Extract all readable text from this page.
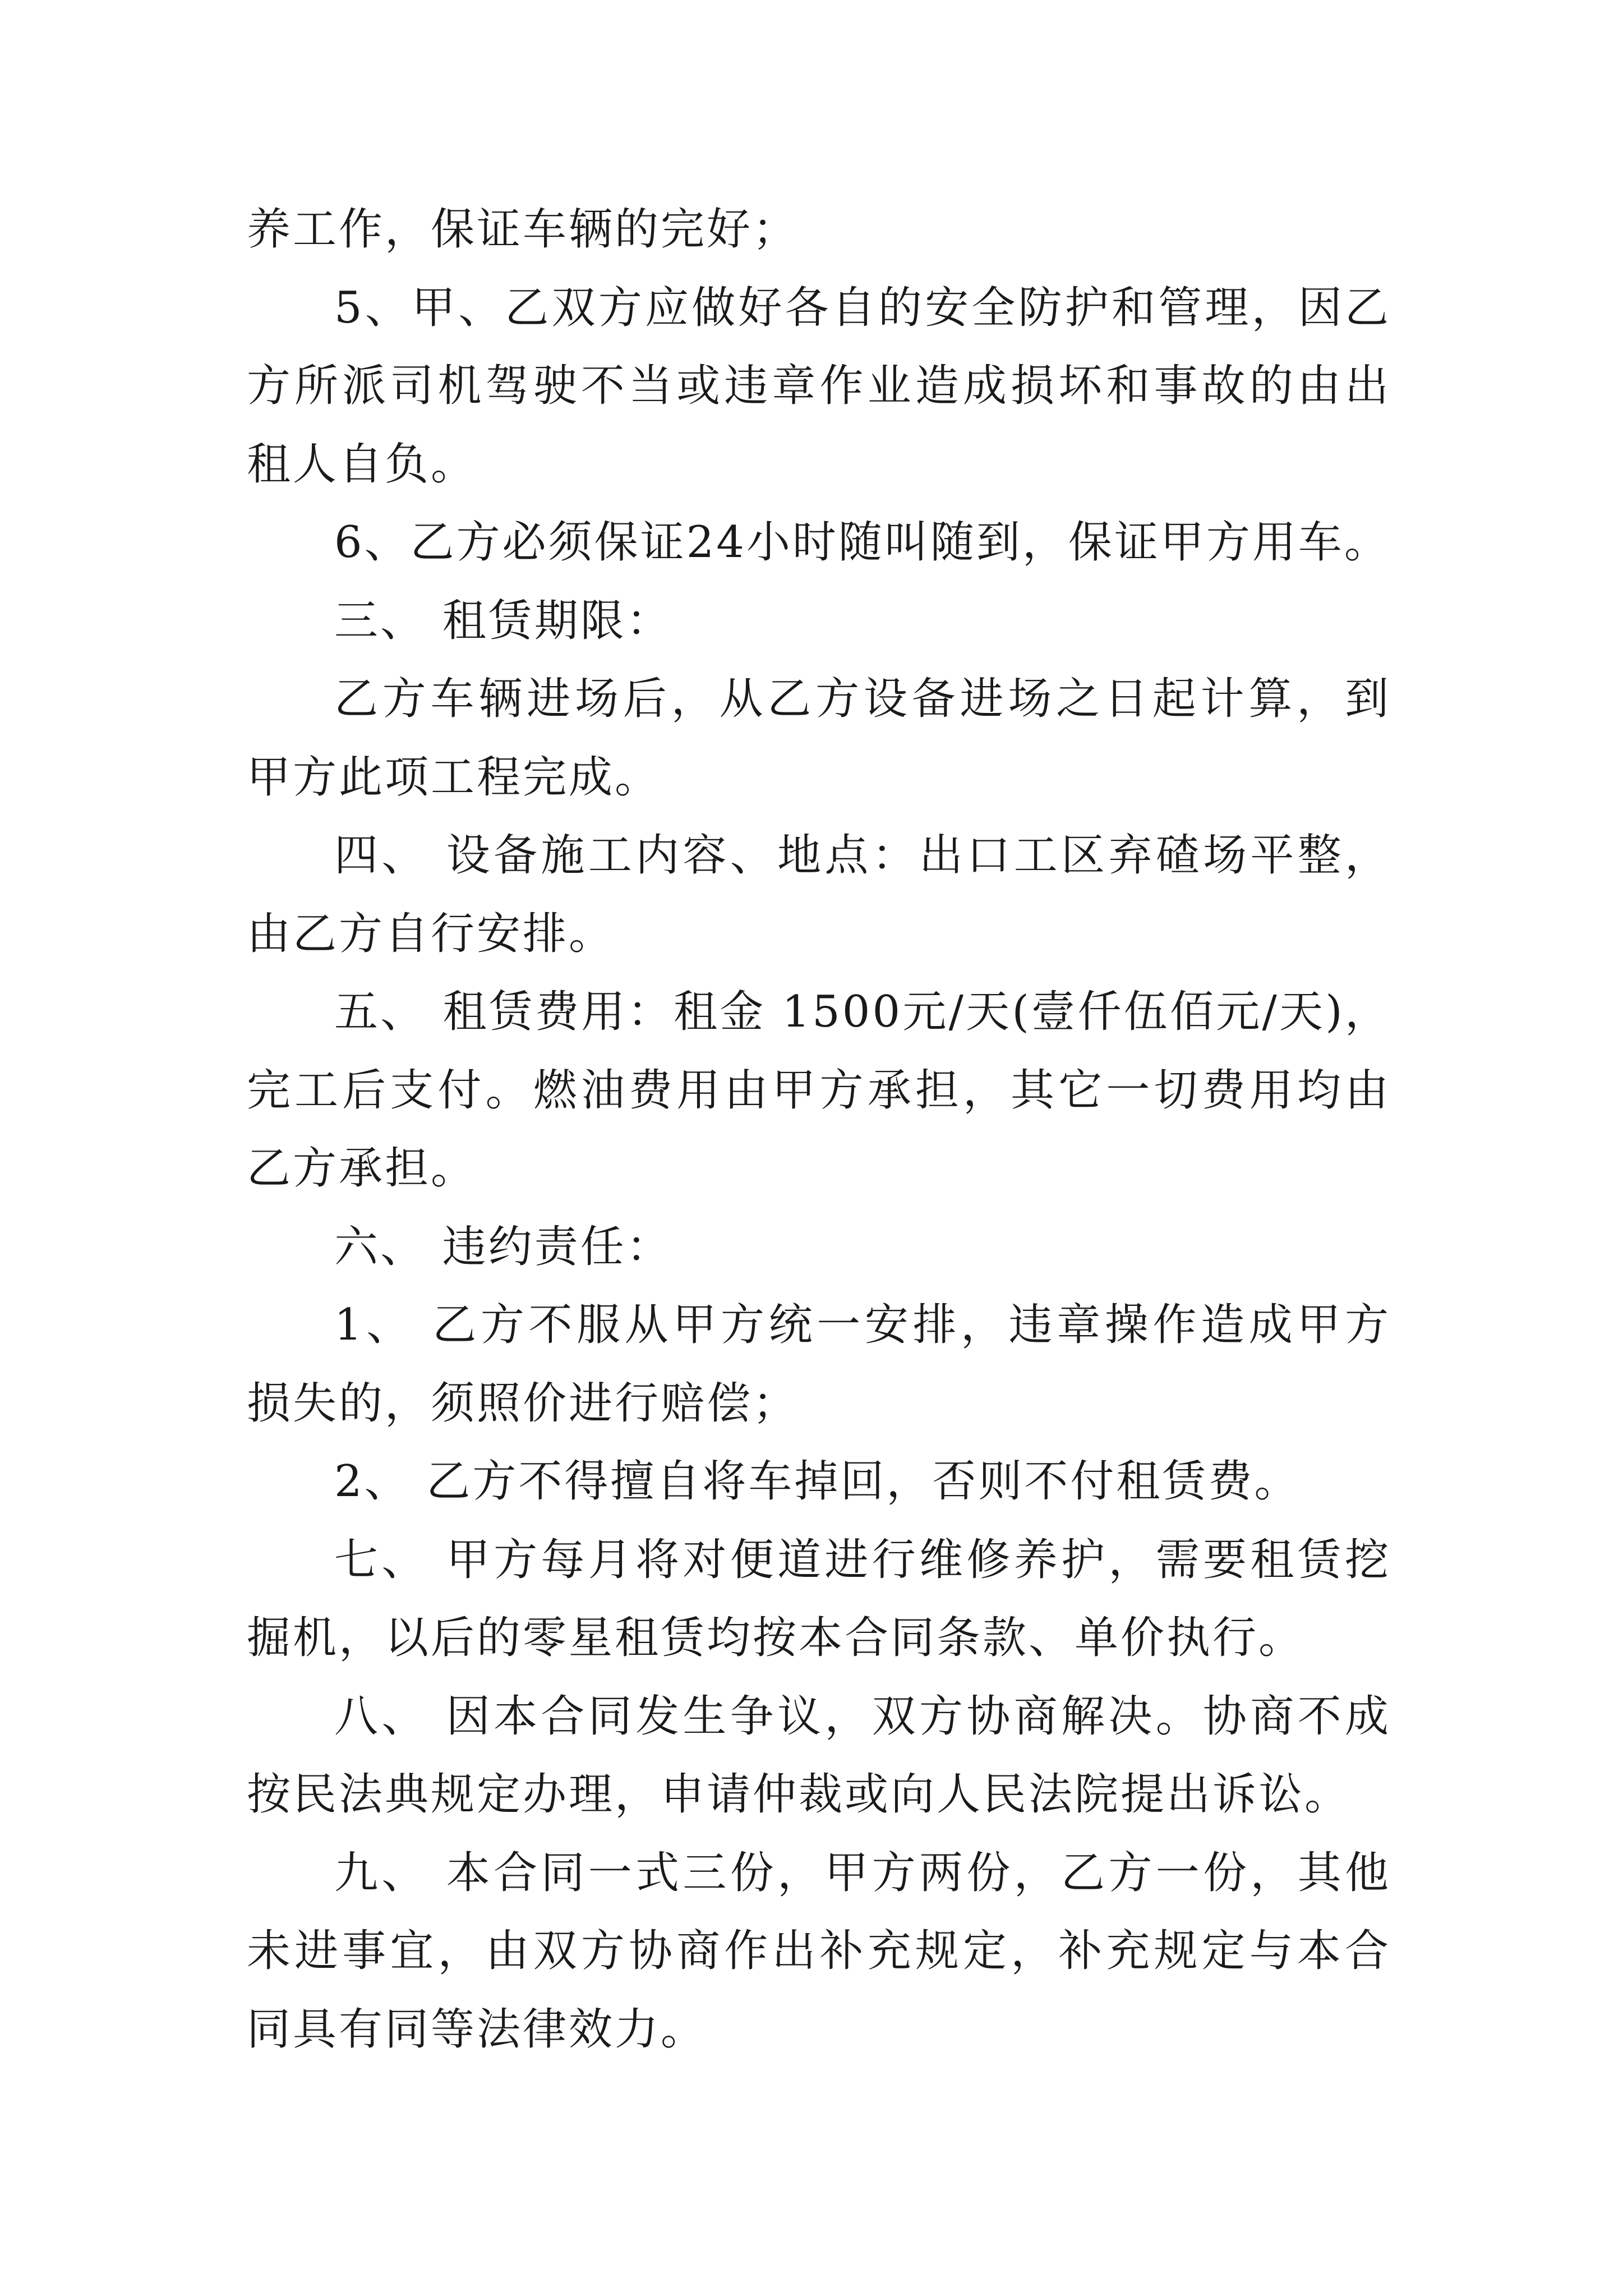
养工作，保证车辆的完好；

5、甲、乙双方应做好各自的安全防护和管理，因乙方所派司机驾驶不当或违章作业造成损坏和事故的由出租人自负。

6、乙方必须保证24小时随叫随到，保证甲方用车。

三、 租赁期限：

乙方车辆进场后，从乙方设备进场之日起计算，到甲方此项工程完成。

四、 设备施工内容、地点：出口工区弃碴场平整，由乙方自行安排。

五、 租赁费用：租金 1500元/天(壹仟伍佰元/天)，完工后支付。燃油费用由甲方承担，其它一切费用均由乙方承担。

六、 违约责任：

1、 乙方不服从甲方统一安排，违章操作造成甲方损失的，须照价进行赔偿；

2、 乙方不得擅自将车掉回，否则不付租赁费。

七、 甲方每月将对便道进行维修养护，需要租赁挖掘机，以后的零星租赁均按本合同条款、单价执行。

八、 因本合同发生争议，双方协商解决。协商不成按民法典规定办理，申请仲裁或向人民法院提出诉讼。

九、 本合同一式三份，甲方两份，乙方一份，其他未进事宜，由双方协商作出补充规定，补充规定与本合同具有同等法律效力。
